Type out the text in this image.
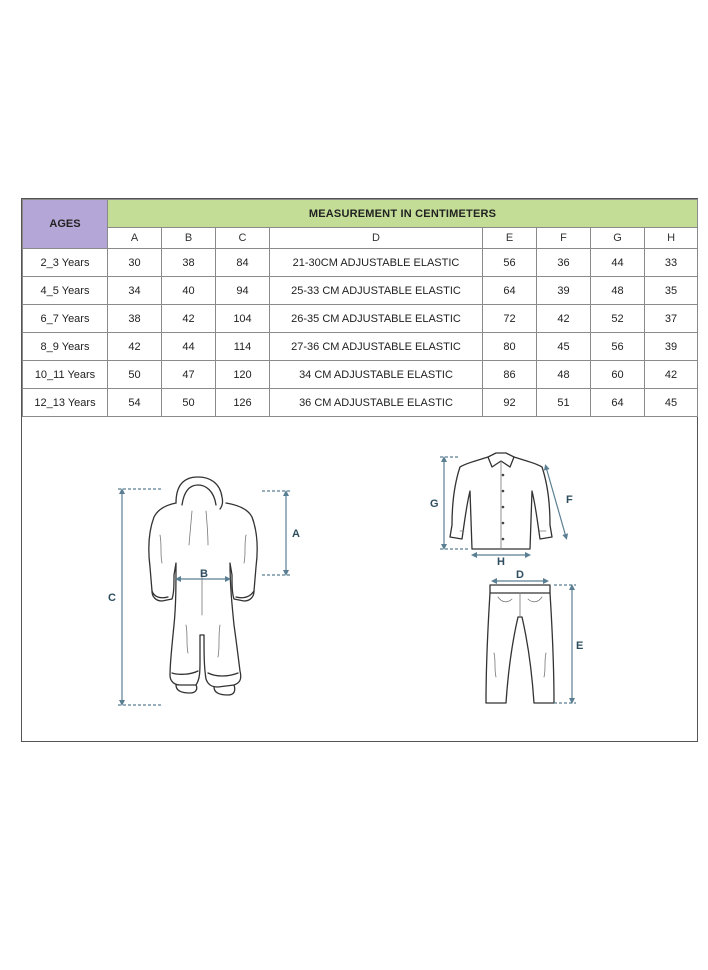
AGES	MEASUREMENT IN CENTIMETERS							
	A	B	C	D	E	F	G	H
2_3 Years	30	38	84	21-30CM ADJUSTABLE ELASTIC	56	36	44	33
4_5 Years	34	40	94	25-33 CM ADJUSTABLE ELASTIC	64	39	48	35
6_7 Years	38	42	104	26-35 CM ADJUSTABLE ELASTIC	72	42	52	37
8_9 Years	42	44	114	27-36 CM ADJUSTABLE ELASTIC	80	45	56	39
10_11 Years	50	47	120	34 CM ADJUSTABLE ELASTIC	86	48	60	42
12_13 Years	54	50	126	36 CM ADJUSTABLE ELASTIC	92	51	64	45
A
B
C
G	F
H
D
E
